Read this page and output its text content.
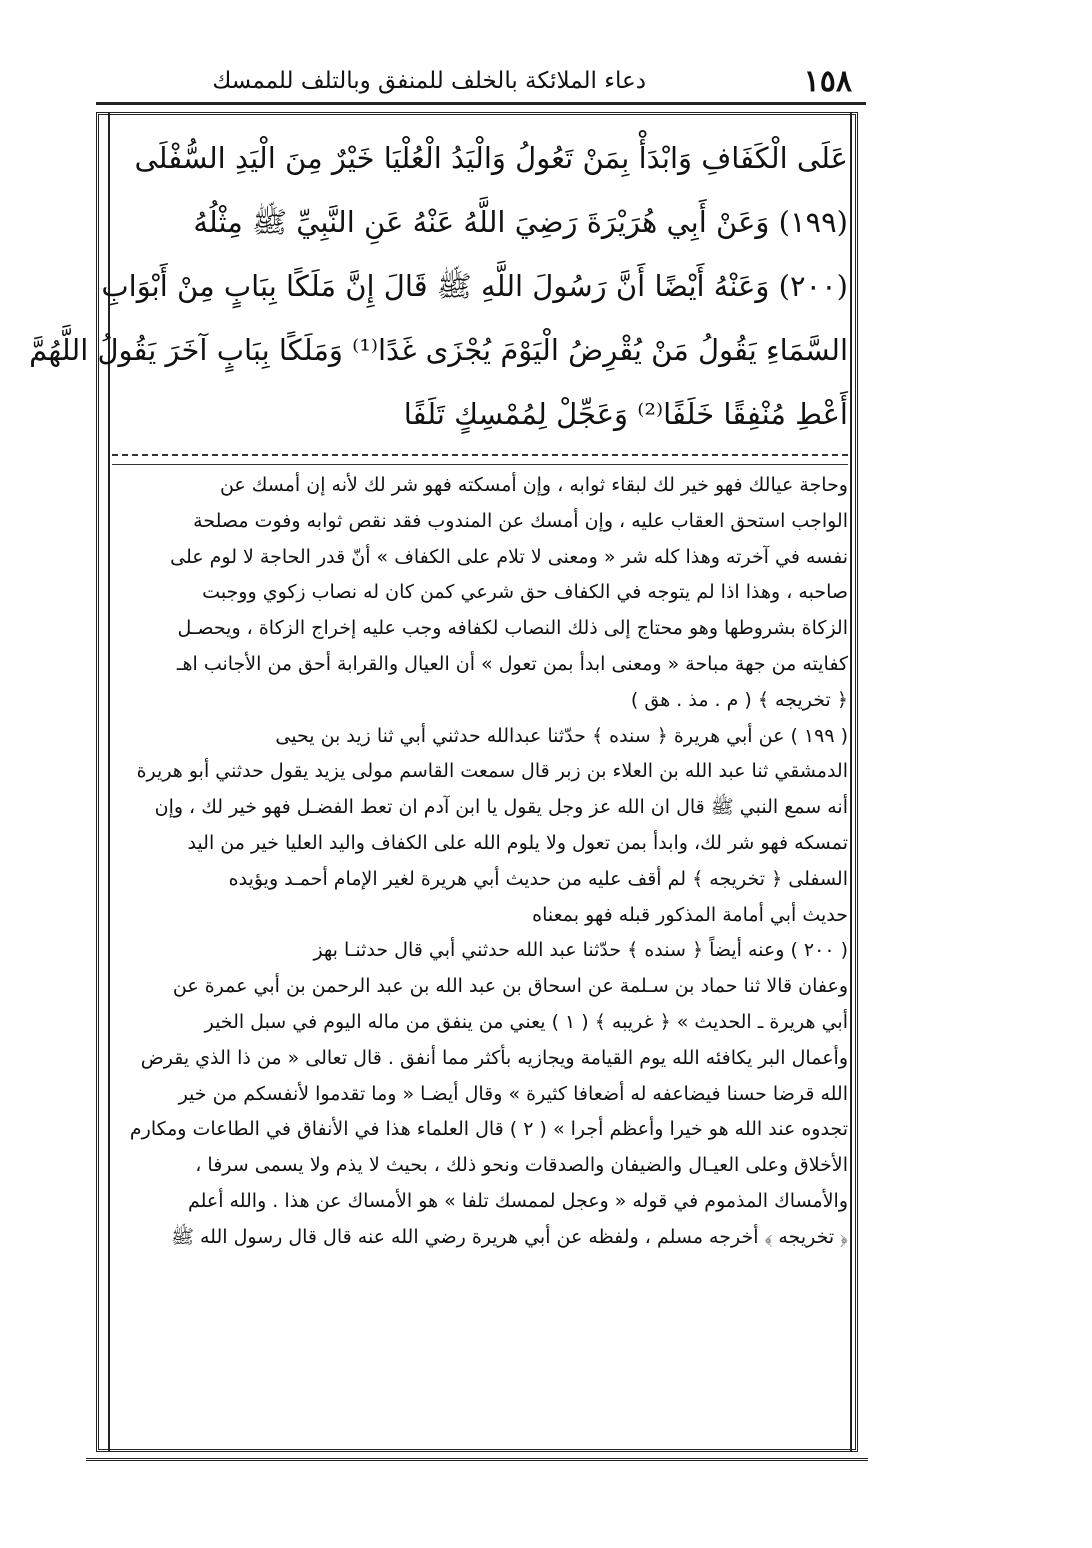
١٥٨
دعاء الملائكة بالخلف للمنفق وبالتلف للممسك

عَلَى الْكَفَافِ وَابْدَأْ بِمَنْ تَعُولُ وَالْيَدُ الْعُلْيَا خَيْرٌ مِنَ الْيَدِ السُّفْلَى

(١٩٩) وَعَنْ أَبِي هُرَيْرَةَ رَضِيَ اللَّهُ عَنْهُ عَنِ النَّبِيِّ ﷺ مِثْلُهُ

(٢٠٠) وَعَنْهُ أَيْضًا أَنَّ رَسُولَ اللَّهِ ﷺ قَالَ إِنَّ مَلَكًا بِبَابٍ مِنْ أَبْوَابِ

السَّمَاءِ يَقُولُ مَنْ يُقْرِضُ الْيَوْمَ يُجْزَى غَدًا⁽¹⁾ وَمَلَكًا بِبَابٍ آخَرَ يَقُولُ اللَّهُمَّ

أَعْطِ مُنْفِقًا خَلَفًا⁽²⁾ وَعَجِّلْ لِمُمْسِكٍ تَلَفًا

وحاجة عيالك فهو خير لك لبقاء ثوابه ، وإن أمسكته فهو شر لك لأنه إن أمسك عن

الواجب استحق العقاب عليه ، وإن أمسك عن المندوب فقد نقص ثوابه وفوت مصلحة

نفسه في آخرته وهذا كله شر « ومعنى لا تلام على الكفاف » أنّ قدر الحاجة لا لوم على

صاحبه ، وهذا اذا لم يتوجه في الكفاف حق شرعي كمن كان له نصاب زكوي ووجبت

الزكاة بشروطها وهو محتاج إلى ذلك النصاب لكفافه وجب عليه إخراج الزكاة ، ويحصـل

كفايته من جهة مباحة « ومعنى ابدأ بمن تعول » أن العيال والقرابة أحق من الأجانب اهـ

﴿ تخريجه ﴾ ( م . مذ . هق )

( ١٩٩ ) عن أبي هريرة ﴿ سنده ﴾ حدّثنا عبدالله حدثني أبي ثنا زيد بن يحيى

الدمشقي ثنا عبد الله بن العلاء بن زبر قال سمعت القاسم مولى يزيد يقول حدثني أبو هريرة

أنه سمع النبي ﷺ قال ان الله عز وجل يقول يا ابن آدم ان تعط الفضـل فهو خير لك ، وإن

تمسكه فهو شر لك، وابدأ بمن تعول ولا يلوم الله على الكفاف واليد العليا خير من اليد

السفلى ﴿ تخريجه ﴾ لم أقف عليه من حديث أبي هريرة لغير الإمام أحمـد ويؤيده

حديث أبي أمامة المذكور قبله فهو بمعناه

( ٢٠٠ ) وعنه أيضاً ﴿ سنده ﴾ حدّثنا عبد الله حدثني أبي قال حدثنـا بهز

وعفان قالا ثنا حماد بن سـلمة عن اسحاق بن عبد الله بن عبد الرحمن بن أبي عمرة عن

أبي هريرة ـ الحديث » ﴿ غريبه ﴾ ( ١ ) يعني من ينفق من ماله اليوم في سبل الخير

وأعمال البر يكافئه الله يوم القيامة ويجازيه بأكثر مما أنفق . قال تعالى « من ذا الذي يقرض

الله قرضا حسنا فيضاعفه له أضعافا كثيرة » وقال أيضـا « وما تقدموا لأنفسكم من خير

تجدوه عند الله هو خيرا وأعظم أجرا » ( ٢ ) قال العلماء هذا في الأنفاق في الطاعات ومكارم

الأخلاق وعلى العيـال والضيفان والصدقات ونحو ذلك ، بحيث لا يذم ولا يسمى سرفا ،

والأمساك المذموم في قوله « وعجل لممسك تلفا » هو الأمساك عن هذا . والله أعلم

﴿ تخريجه ﴾ أخرجه مسلم ، ولفظه عن أبي هريرة رضي الله عنه قال قال رسول الله ﷺ
